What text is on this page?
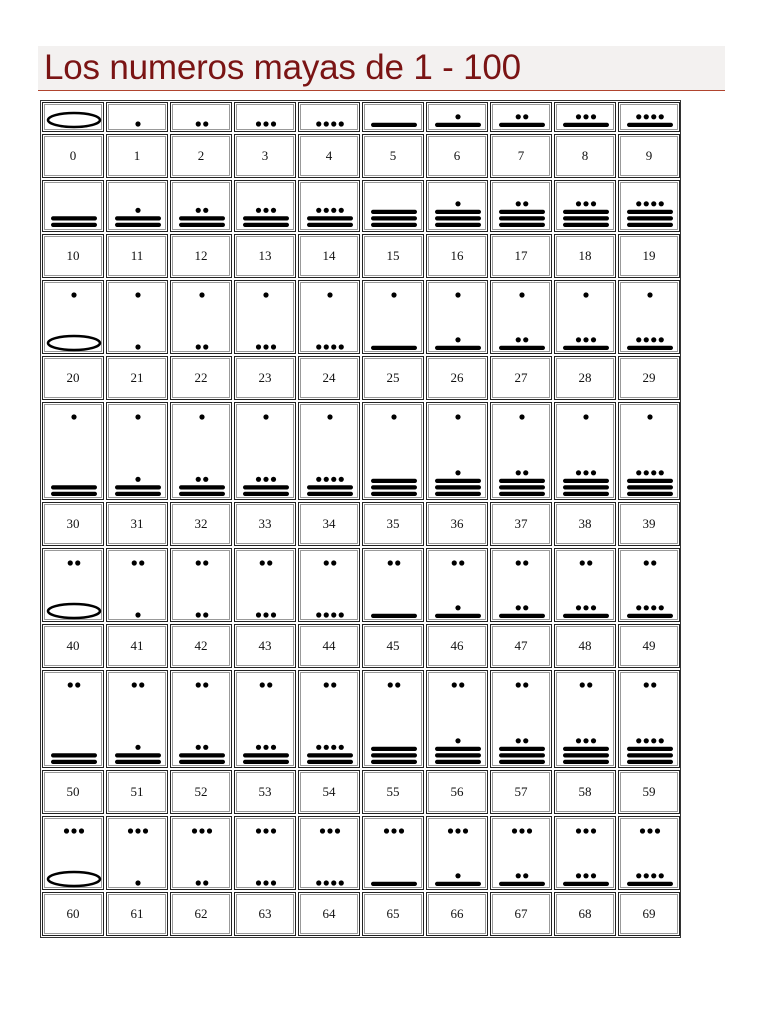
Los numeros mayas de 1 - 100
0	1	2	3	4	5	6	7	8	9
10	11	12	13	14	15	16	17	18	19
20	21	22	23	24	25	26	27	28	29
30	31	32	33	34	35	36	37	38	39
40	41	42	43	44	45	46	47	48	49
50	51	52	53	54	55	56	57	58	59
60	61	62	63	64	65	66	67	68	69
